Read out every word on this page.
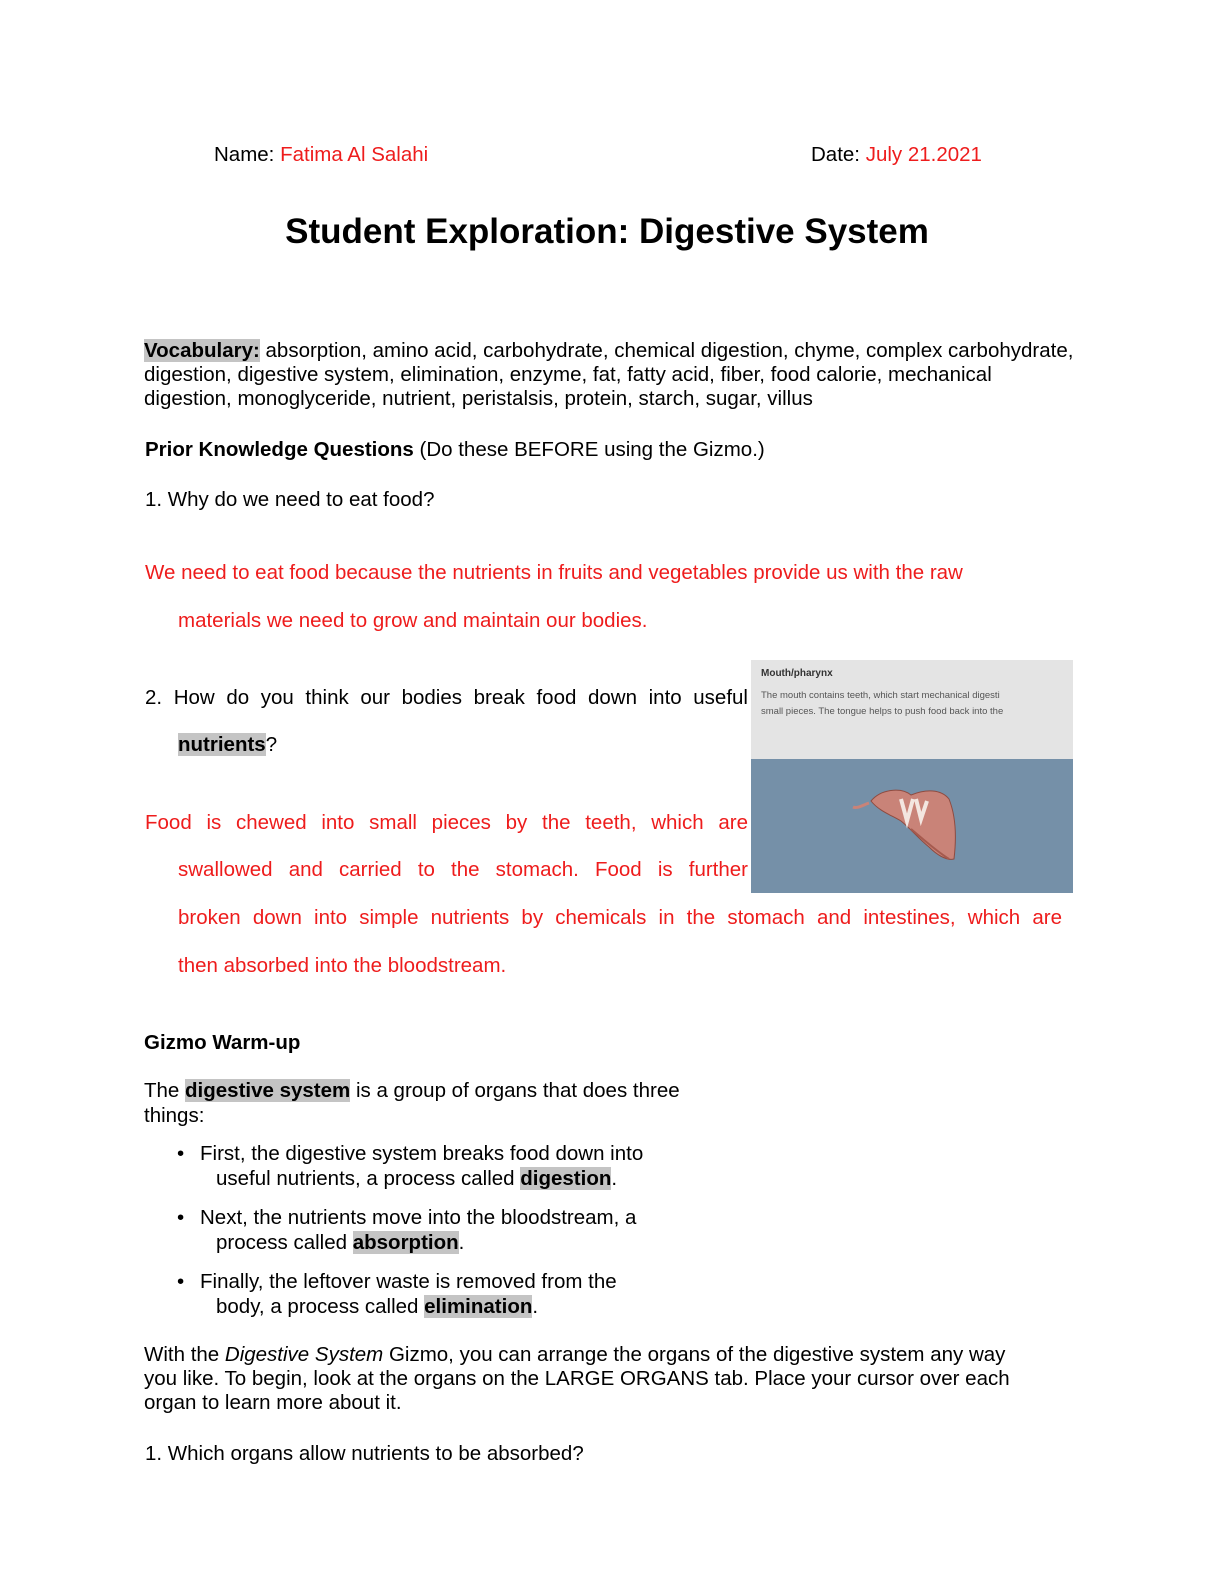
Name: Fatima Al Salahi	Date: July 21.2021
Student Exploration: Digestive System
Vocabulary: absorption, amino acid, carbohydrate, chemical digestion, chyme, complex carbohydrate, digestion, digestive system, elimination, enzyme, fat, fatty acid, fiber, food calorie, mechanical digestion, monoglyceride, nutrient, peristalsis, protein, starch, sugar, villus
Prior Knowledge Questions (Do these BEFORE using the Gizmo.)
1. Why do we need to eat food?
We need to eat food because the nutrients in fruits and vegetables provide us with the raw
materials we need to grow and maintain our bodies.
2. How do you think our bodies break food down into useful
nutrients?
Food is chewed into small pieces by the teeth, which are
swallowed and carried to the stomach. Food is further
broken down into simple nutrients by chemicals in the stomach and intestines, which are
then absorbed into the bloodstream.
Mouth/pharynx
The mouth contains teeth, which start mechanical digesti
small pieces. The tongue helps to push food back into the
Gizmo Warm-up
The digestive system is a group of organs that does three
things:
• First, the digestive system breaks food down into
useful nutrients, a process called digestion.
• Next, the nutrients move into the bloodstream, a
process called absorption.
• Finally, the leftover waste is removed from the
body, a process called elimination.
With the Digestive System Gizmo, you can arrange the organs of the digestive system any way
you like. To begin, look at the organs on the LARGE ORGANS tab. Place your cursor over each
organ to learn more about it.
1. Which organs allow nutrients to be absorbed?
